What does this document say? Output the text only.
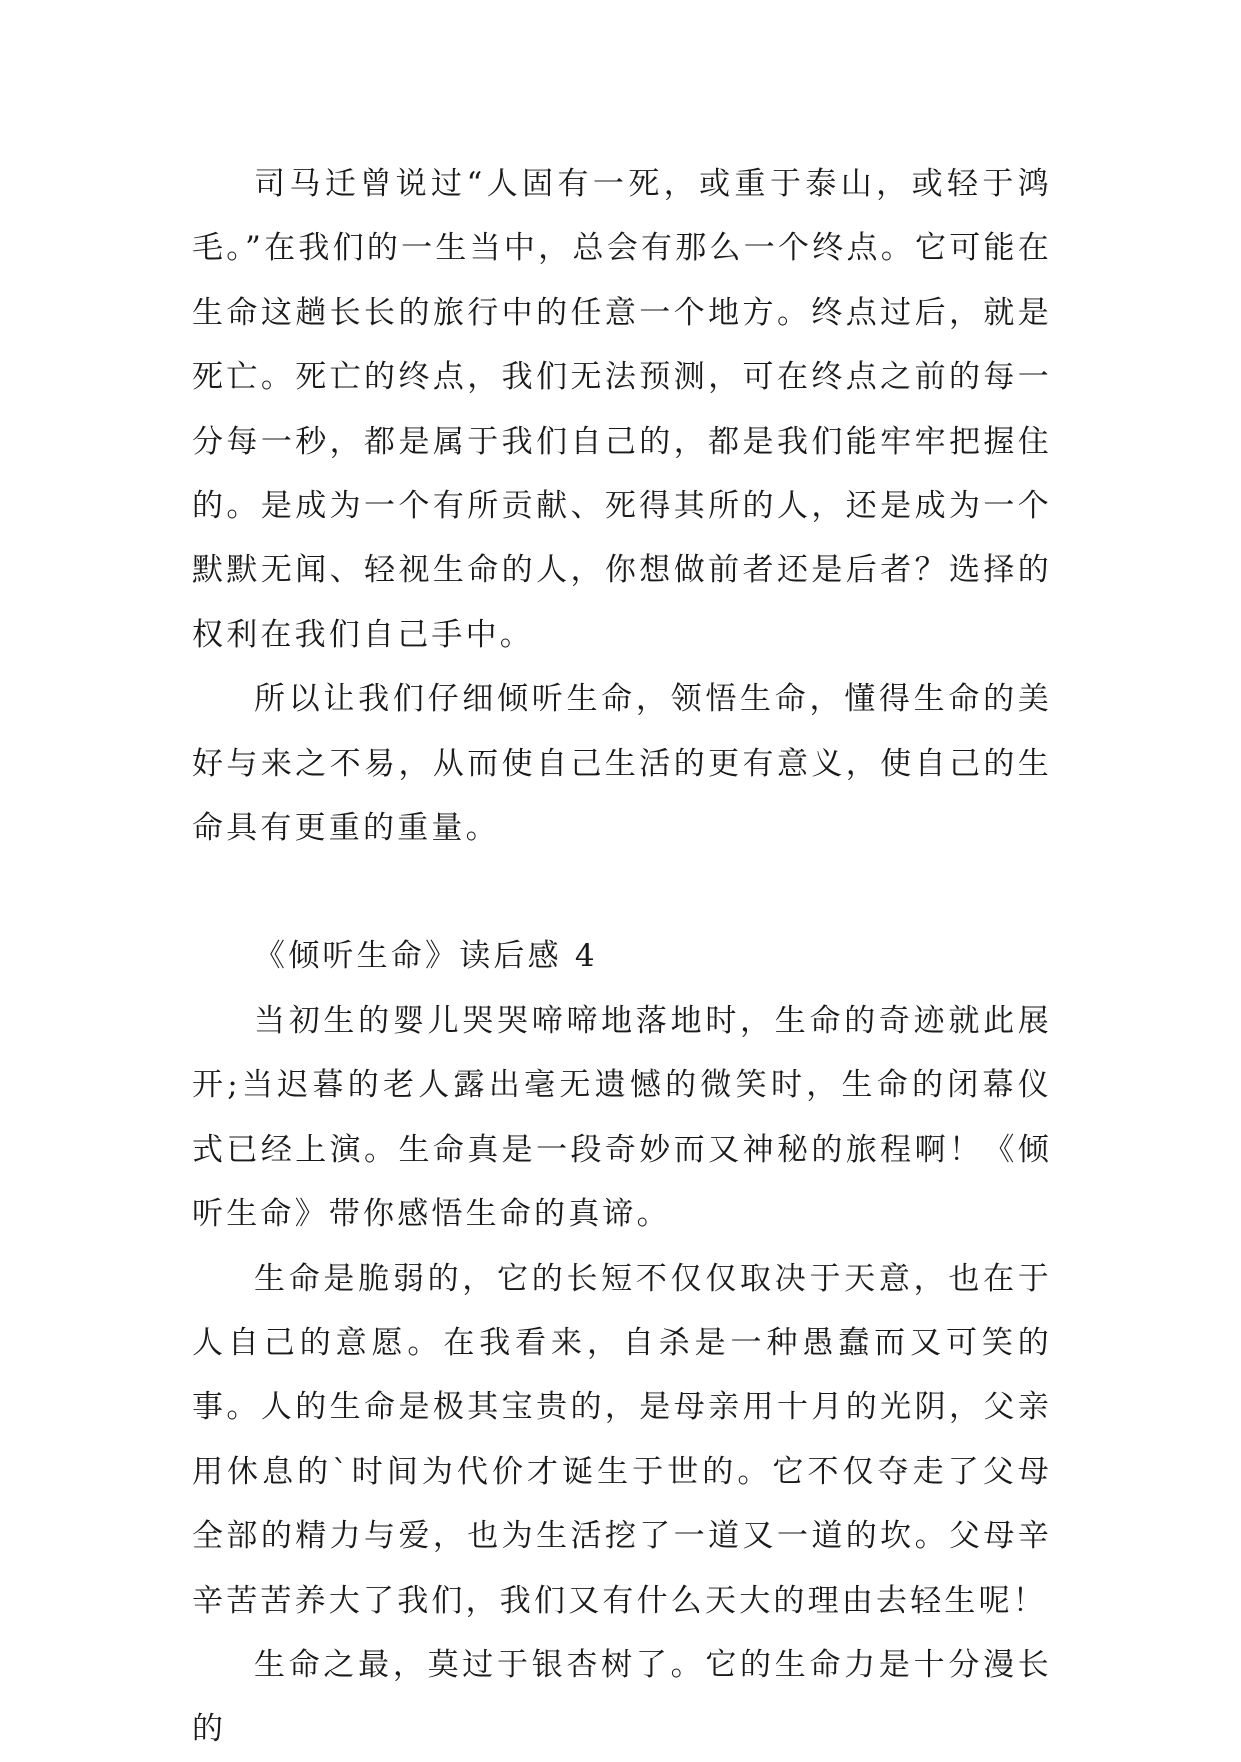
司马迁曾说过“人固有一死，或重于泰山，或轻于鸿毛。”在我们的一生当中，总会有那么一个终点。它可能在生命这趟长长的旅行中的任意一个地方。终点过后，就是死亡。死亡的终点，我们无法预测，可在终点之前的每一分每一秒，都是属于我们自己的，都是我们能牢牢把握住的。是成为一个有所贡献、死得其所的人，还是成为一个默默无闻、轻视生命的人，你想做前者还是后者？选择的权利在我们自己手中。

所以让我们仔细倾听生命，领悟生命，懂得生命的美好与来之不易，从而使自己生活的更有意义，使自己的生命具有更重的重量。

《倾听生命》读后感 4

当初生的婴儿哭哭啼啼地落地时，生命的奇迹就此展开;当迟暮的老人露出毫无遗憾的微笑时，生命的闭幕仪式已经上演。生命真是一段奇妙而又神秘的旅程啊！《倾听生命》带你感悟生命的真谛。

生命是脆弱的，它的长短不仅仅取决于天意，也在于人自己的意愿。在我看来，自杀是一种愚蠢而又可笑的事。人的生命是极其宝贵的，是母亲用十月的光阴，父亲用休息的`时间为代价才诞生于世的。它不仅夺走了父母全部的精力与爱，也为生活挖了一道又一道的坎。父母辛辛苦苦养大了我们，我们又有什么天大的理由去轻生呢！

生命之最，莫过于银杏树了。它的生命力是十分漫长的
